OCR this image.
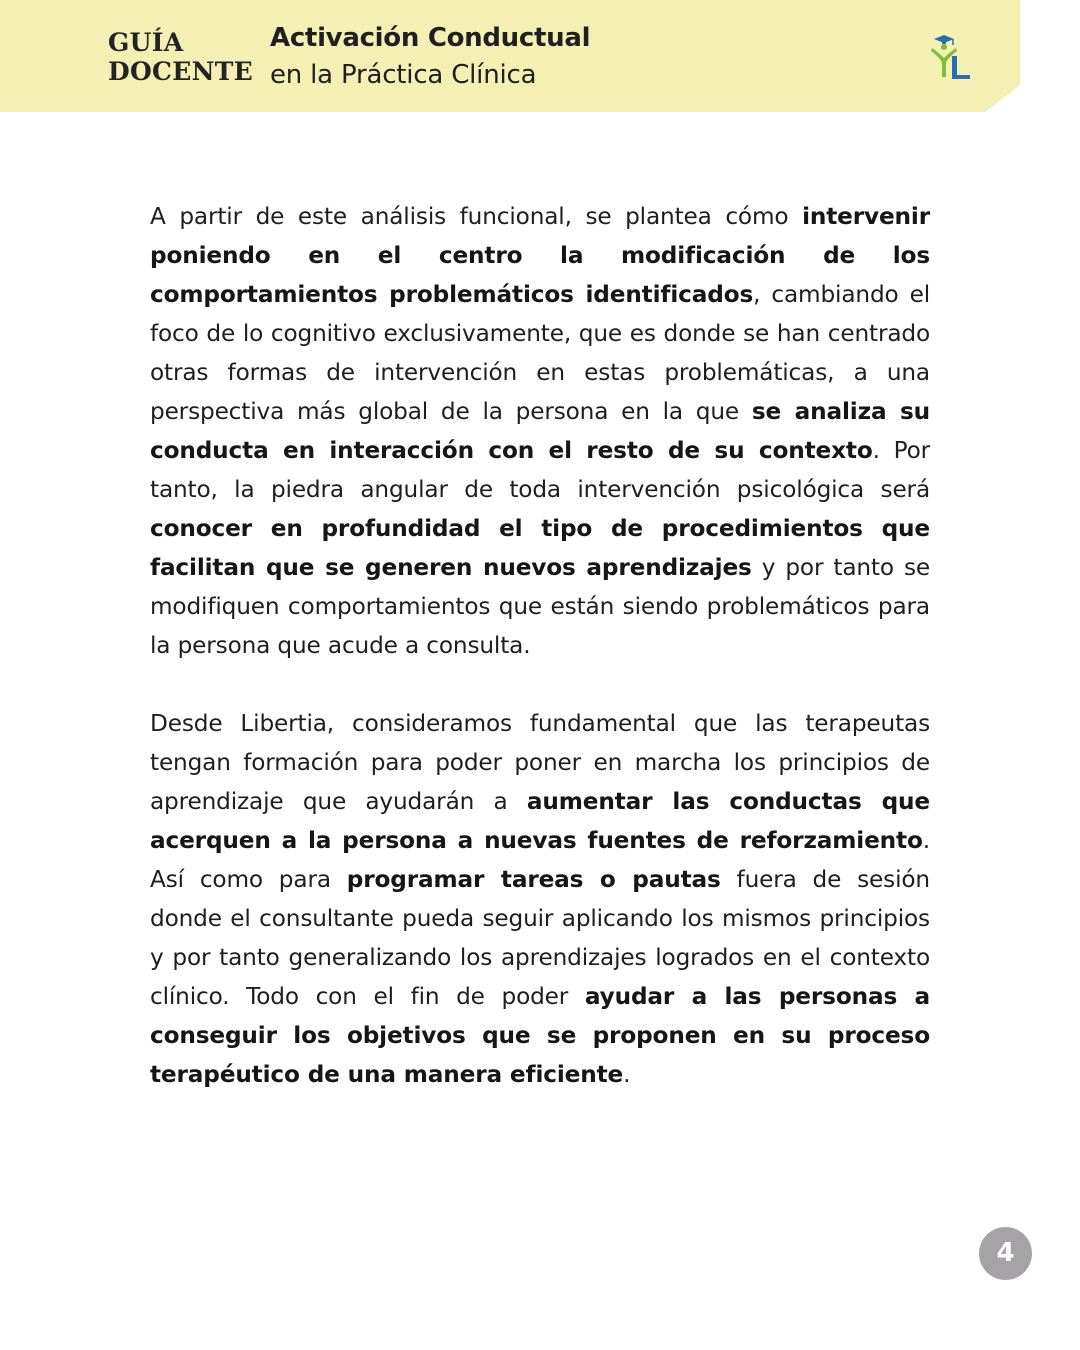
GUÍA
DOCENTE
Activación Conductual
en la Práctica Clínica

A partir de este análisis funcional, se plantea cómo intervenir poniendo en el centro la modificación de los comportamientos problemáticos identificados, cambiando el foco de lo cognitivo exclusivamente, que es donde se han centrado otras formas de intervención en estas problemáticas, a una perspectiva más global de la persona en la que se analiza su conducta en interacción con el resto de su contexto. Por tanto, la piedra angular de toda intervención psicológica será conocer en profundidad el tipo de procedimientos que facilitan que se generen nuevos aprendizajes y por tanto se modifiquen comportamientos que están siendo problemáticos para la persona que acude a consulta.

Desde Libertia, consideramos fundamental que las terapeutas tengan formación para poder poner en marcha los principios de aprendizaje que ayudarán a aumentar las conductas que acerquen a la persona a nuevas fuentes de reforzamiento. Así como para programar tareas o pautas fuera de sesión donde el consultante pueda seguir aplicando los mismos principios y por tanto generalizando los aprendizajes logrados en el contexto clínico. Todo con el fin de poder ayudar a las personas a conseguir los objetivos que se proponen en su proceso terapéutico de una manera eficiente.

4
